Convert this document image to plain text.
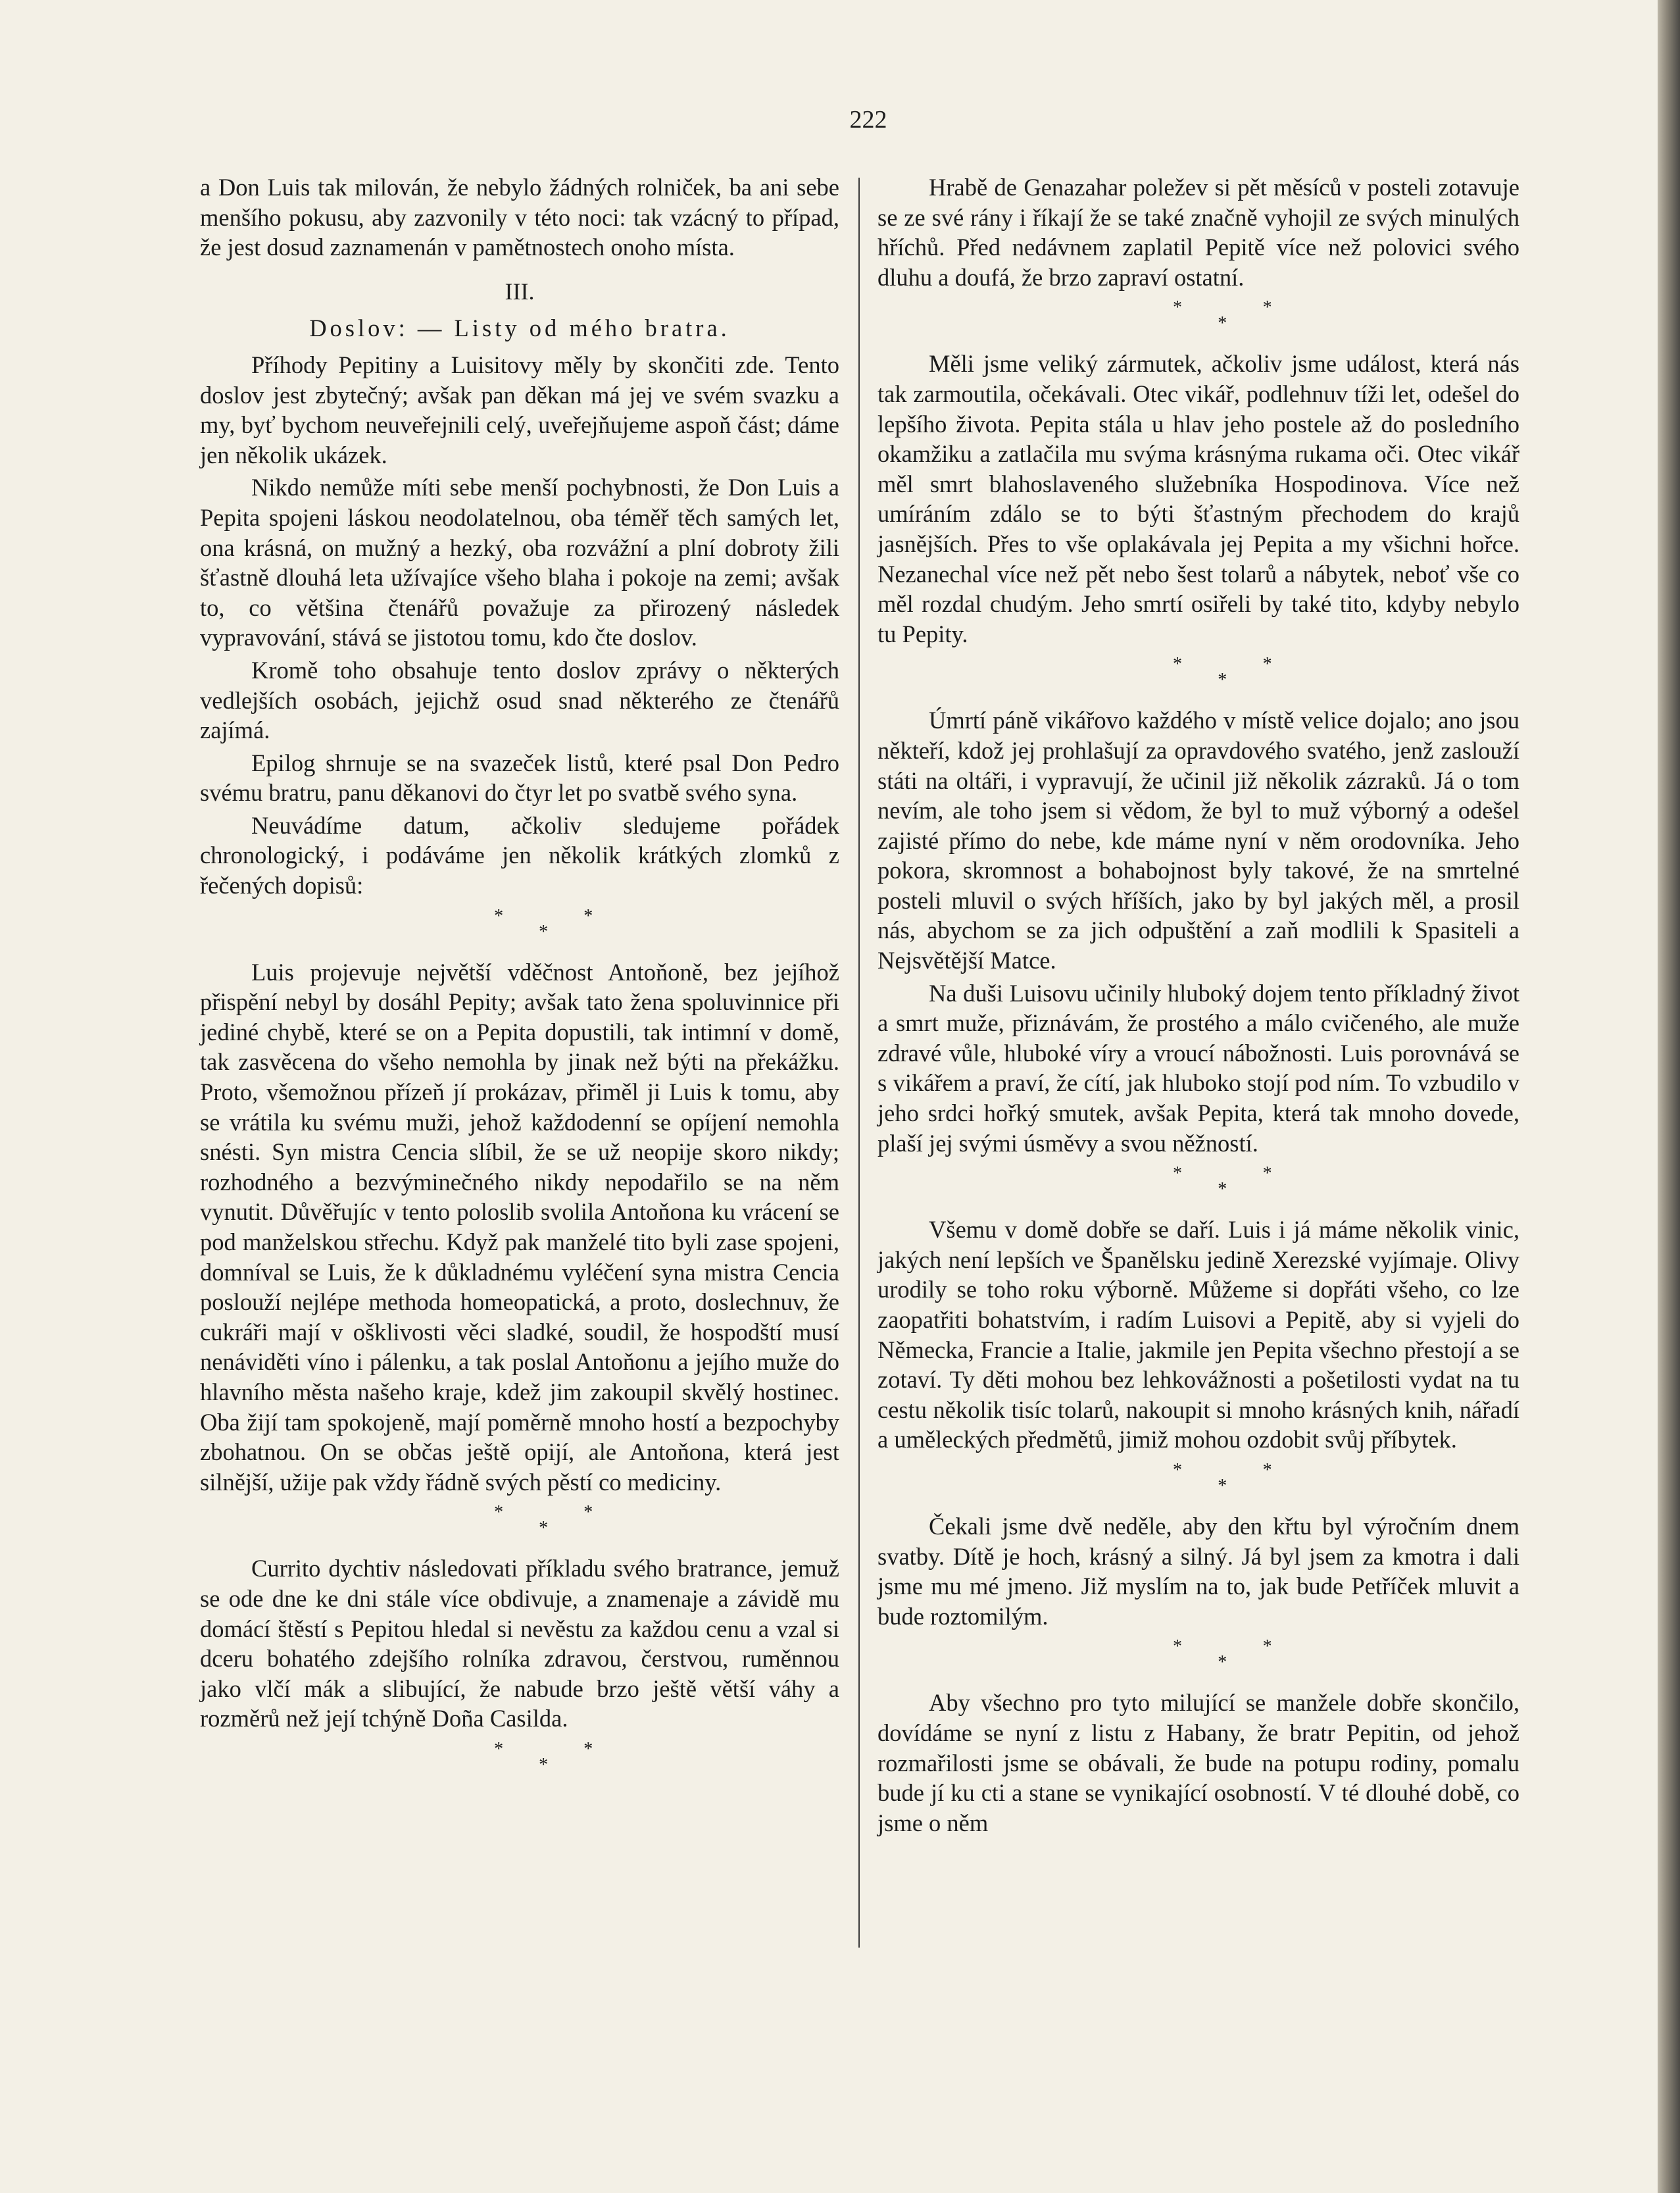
222

a Don Luis tak milován, že nebylo žádných rolniček, ba ani sebe menšího pokusu, aby zazvonily v této noci: tak vzácný to případ, že jest dosud zaznamenán v pamětnostech onoho místa.

III.
Doslov: — Listy od mého bratra.

Příhody Pepitiny a Luisitovy měly by skončiti zde. Tento doslov jest zbytečný; avšak pan děkan má jej ve svém svazku a my, byť bychom neuveřejnili celý, uveřejňujeme aspoň část; dáme jen několik ukázek.

Nikdo nemůže míti sebe menší pochybnosti, že Don Luis a Pepita spojeni láskou neodolatelnou, oba téměř těch samých let, ona krásná, on mužný a hezký, oba rozvážní a plní dobroty žili šťastně dlouhá leta užívajíce všeho blaha i pokoje na zemi; avšak to, co většina čtenářů považuje za přirozený následek vypravování, stává se jistotou tomu, kdo čte doslov.

Kromě toho obsahuje tento doslov zprávy o některých vedlejších osobách, jejichž osud snad některého ze čtenářů zajímá.

Epilog shrnuje se na svazeček listů, které psal Don Pedro svému bratru, panu děkanovi do čtyr let po svatbě svého syna.

Neuvádíme datum, ačkoliv sledujeme pořádek chronologický, i podáváme jen několik krátkých zlomků z řečených dopisů:

*
*
*

Luis projevuje největší vděčnost Antoňoně, bez jejíhož přispění nebyl by dosáhl Pepity; avšak tato žena spoluvinnice při jediné chybě, které se on a Pepita dopustili, tak intimní v domě, tak zasvěcena do všeho nemohla by jinak než býti na překážku. Proto, všemožnou přízeň jí prokázav, přiměl ji Luis k tomu, aby se vrátila ku svému muži, jehož každodenní se opíjení nemohla snésti. Syn mistra Cencia slíbil, že se už neopije skoro nikdy; rozhodného a bezvýminečného nikdy nepodařilo se na něm vynutit. Důvěřujíc v tento poloslib svolila Antoňona ku vrácení se pod manželskou střechu. Když pak manželé tito byli zase spojeni, domníval se Luis, že k důkladnému vyléčení syna mistra Cencia poslouží nejlépe methoda homeopatická, a proto, doslechnuv, že cukráři mají v ošklivosti věci sladké, soudil, že hospodští musí nenáviděti víno i pálenku, a tak poslal Antoňonu a jejího muže do hlavního města našeho kraje, kdež jim zakoupil skvělý hostinec. Oba žijí tam spokojeně, mají poměrně mnoho hostí a bezpochyby zbohatnou. On se občas ještě opijí, ale Antoňona, která jest silnější, užije pak vždy řádně svých pěstí co mediciny.

*
*
*

Currito dychtiv následovati příkladu svého bratrance, jemuž se ode dne ke dni stále více obdivuje, a znamenaje a závidě mu domácí štěstí s Pepitou hledal si nevěstu za každou cenu a vzal si dceru bohatého zdejšího rolníka zdravou, čerstvou, ruměnnou jako vlčí mák a slibující, že nabude brzo ještě větší váhy a rozměrů než její tchýně Doña Casilda.

*
*
*

Hrabě de Genazahar poležev si pět měsíců v posteli zotavuje se ze své rány i říkají že se také značně vyhojil ze svých minulých hříchů. Před nedávnem zaplatil Pepitě více než polovici svého dluhu a doufá, že brzo zapraví ostatní.

*
*
*

Měli jsme veliký zármutek, ačkoliv jsme událost, která nás tak zarmoutila, očekávali. Otec vikář, podlehnuv tíži let, odešel do lepšího života. Pepita stála u hlav jeho postele až do posledního okamžiku a zatlačila mu svýma krásnýma rukama oči. Otec vikář měl smrt blahoslaveného služebníka Hospodinova. Více než umíráním zdálo se to býti šťastným přechodem do krajů jasnějších. Přes to vše oplakávala jej Pepita a my všichni hořce. Nezanechal více než pět nebo šest tolarů a nábytek, neboť vše co měl rozdal chudým. Jeho smrtí osiřeli by také tito, kdyby nebylo tu Pepity.

*
*
*

Úmrtí páně vikářovo každého v místě velice dojalo; ano jsou někteří, kdož jej prohlašují za opravdového svatého, jenž zaslouží státi na oltáři, i vypravují, že učinil již několik zázraků. Já o tom nevím, ale toho jsem si vědom, že byl to muž výborný a odešel zajisté přímo do nebe, kde máme nyní v něm orodovníka. Jeho pokora, skromnost a bohabojnost byly takové, že na smrtelné posteli mluvil o svých hříších, jako by byl jakých měl, a prosil nás, abychom se za jich odpuštění a zaň modlili k Spasiteli a Nejsvětější Matce.

Na duši Luisovu učinily hluboký dojem tento příkladný život a smrt muže, přiznávám, že prostého a málo cvičeného, ale muže zdravé vůle, hluboké víry a vroucí nábožnosti. Luis porovnává se s vikářem a praví, že cítí, jak hluboko stojí pod ním. To vzbudilo v jeho srdci hořký smutek, avšak Pepita, která tak mnoho dovede, plaší jej svými úsměvy a svou něžností.

*
*
*

Všemu v domě dobře se daří. Luis i já máme několik vinic, jakých není lepších ve Španělsku jedině Xerezské vyjímaje. Olivy urodily se toho roku výborně. Můžeme si dopřáti všeho, co lze zaopatřiti bohatstvím, i radím Luisovi a Pepitě, aby si vyjeli do Německa, Francie a Italie, jakmile jen Pepita všechno přestojí a se zotaví. Ty děti mohou bez lehkovážnosti a pošetilosti vydat na tu cestu několik tisíc tolarů, nakoupit si mnoho krásných knih, nářadí a uměleckých předmětů, jimiž mohou ozdobit svůj příbytek.

*
*
*

Čekali jsme dvě neděle, aby den křtu byl výročním dnem svatby. Dítě je hoch, krásný a silný. Já byl jsem za kmotra i dali jsme mu mé jmeno. Již myslím na to, jak bude Petříček mluvit a bude roztomilým.

*
*
*

Aby všechno pro tyto milující se manžele dobře skončilo, dovídáme se nyní z listu z Habany, že bratr Pepitin, od jehož rozmařilosti jsme se obávali, že bude na potupu rodiny, pomalu bude jí ku cti a stane se vynikající osobností. V té dlouhé době, co jsme o něm
